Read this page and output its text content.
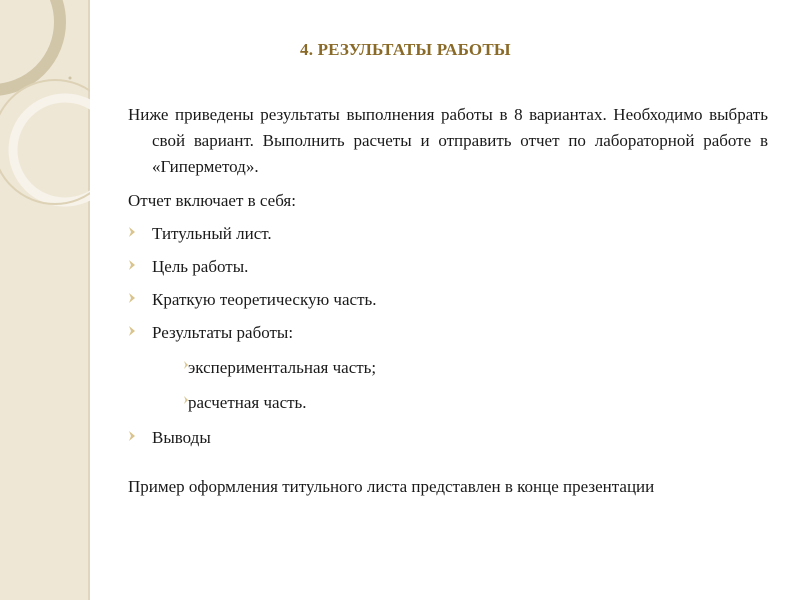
4. РЕЗУЛЬТАТЫ РАБОТЫ

Ниже приведены результаты выполнения работы в 8 вариантах. Необходимо выбрать свой вариант. Выполнить расчеты и отправить отчет по лабораторной работе в «Гиперметод».

Отчет включает в себя:

Титульный лист.
Цель работы.
Краткую теоретическую часть.
Результаты работы:
экспериментальная часть;
расчетная часть.
Выводы

Пример оформления титульного листа представлен в конце презентации
